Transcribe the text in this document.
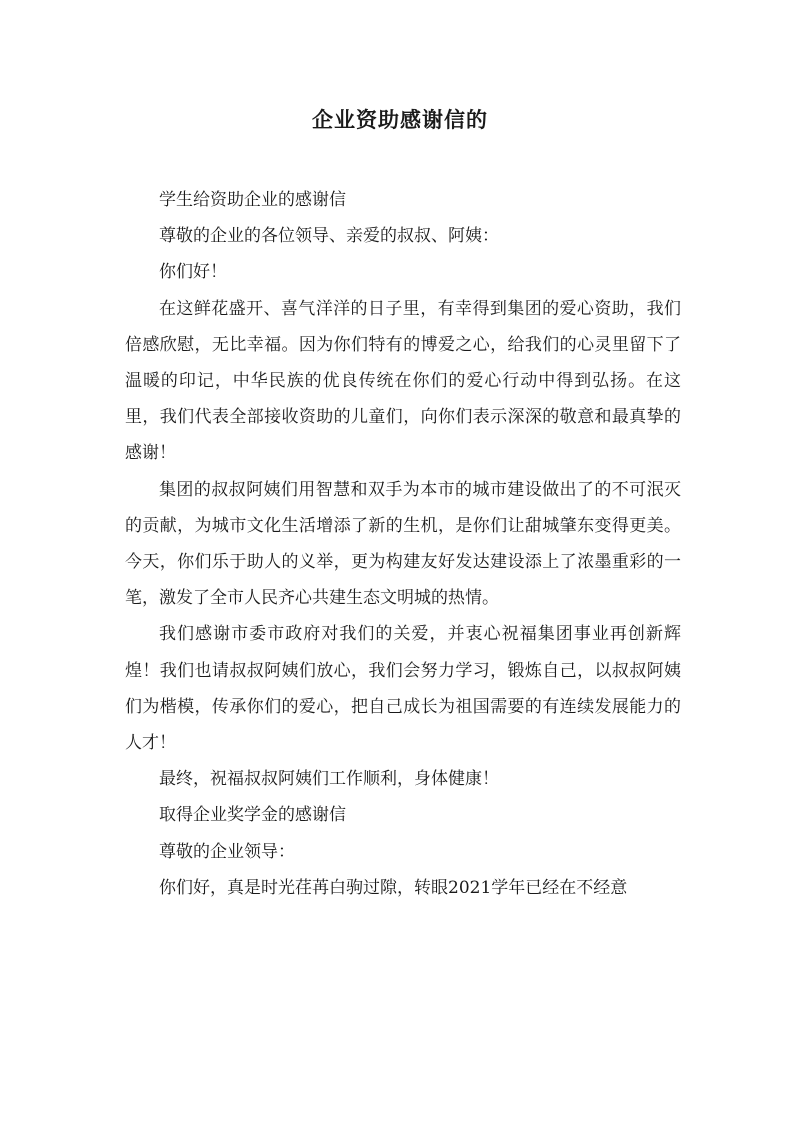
企业资助感谢信的

学生给资助企业的感谢信

尊敬的企业的各位领导、亲爱的叔叔、阿姨：

你们好！

在这鲜花盛开、喜气洋洋的日子里，有幸得到集团的爱心资助，我们倍感欣慰，无比幸福。因为你们特有的博爱之心，给我们的心灵里留下了温暖的印记，中华民族的优良传统在你们的爱心行动中得到弘扬。在这里，我们代表全部接收资助的儿童们，向你们表示深深的敬意和最真挚的感谢！

集团的叔叔阿姨们用智慧和双手为本市的城市建设做出了的不可泯灭的贡献，为城市文化生活增添了新的生机，是你们让甜城肇东变得更美。今天，你们乐于助人的义举，更为构建友好发达建设添上了浓墨重彩的一笔，激发了全市人民齐心共建生态文明城的热情。

我们感谢市委市政府对我们的关爱，并衷心祝福集团事业再创新辉煌！我们也请叔叔阿姨们放心，我们会努力学习，锻炼自己，以叔叔阿姨们为楷模，传承你们的爱心，把自己成长为祖国需要的有连续发展能力的人才！

最终，祝福叔叔阿姨们工作顺利，身体健康！

取得企业奖学金的感谢信

尊敬的企业领导：

你们好，真是时光荏苒白驹过隙，转眼2021学年已经在不经意
